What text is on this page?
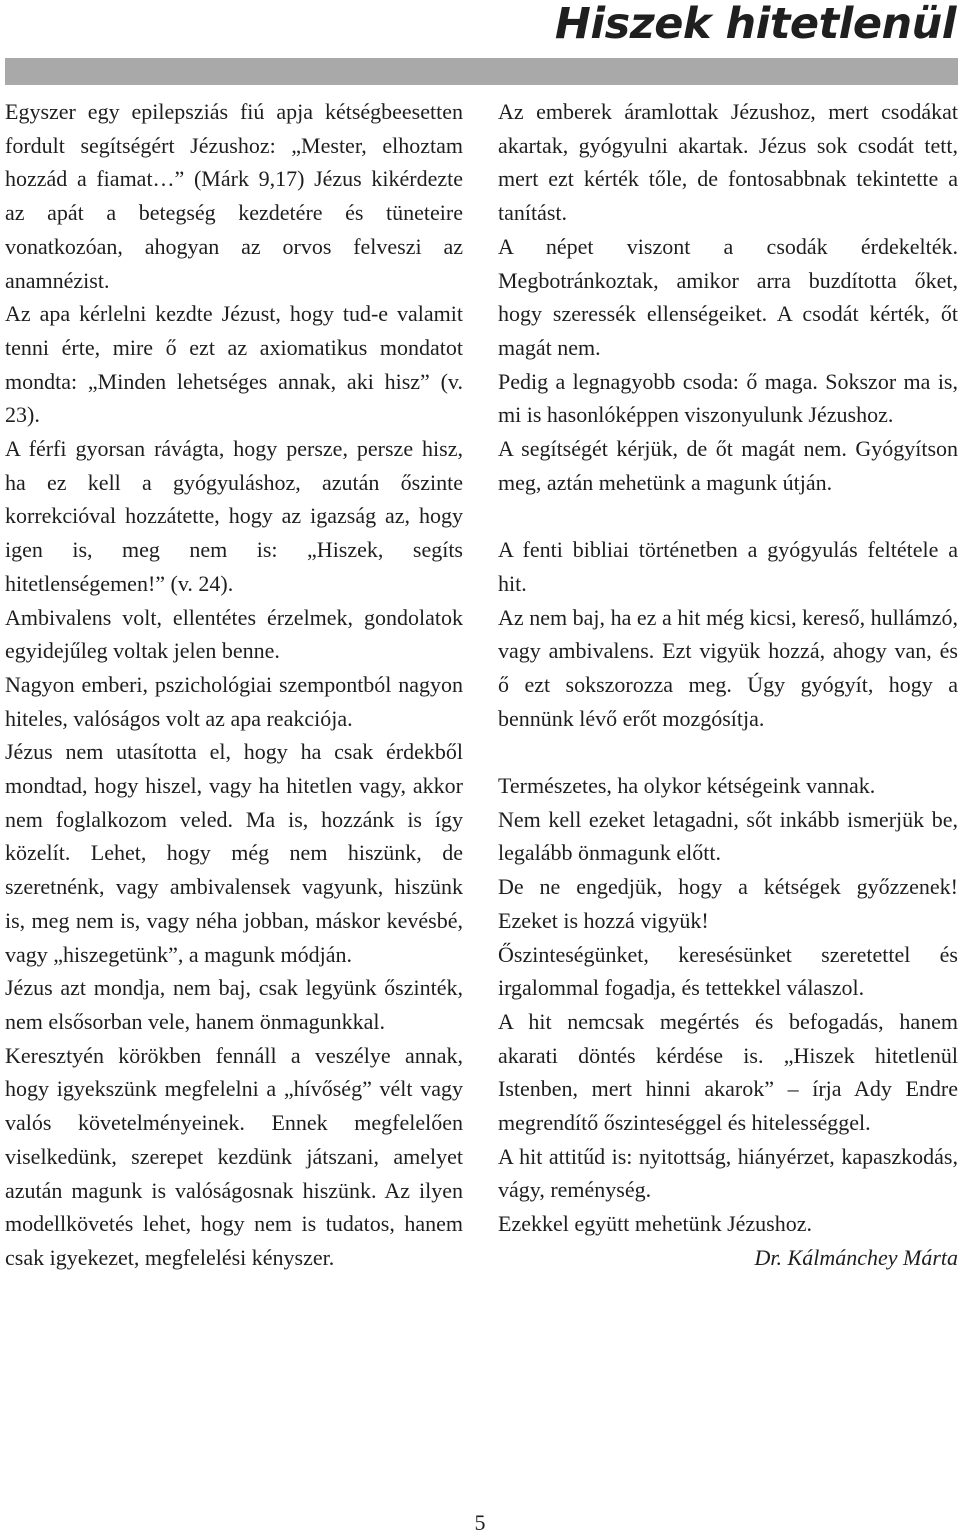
Hiszek hitetlenül

Egyszer egy epilepsziás fiú apja kétségbeesetten fordult segítségért Jézushoz: „Mester, elhoztam hozzád a fiamat…” (Márk 9,17) Jézus kikérdezte az apát a betegség kezdetére és tüneteire vonatkozóan, ahogyan az orvos felveszi az anamnézist.

Az apa kérlelni kezdte Jézust, hogy tud-e valamit tenni érte, mire ő ezt az axiomatikus mondatot mondta: „Minden lehetséges annak, aki hisz” (v. 23).

A férfi gyorsan rávágta, hogy persze, persze hisz, ha ez kell a gyógyuláshoz, azután őszinte korrekcióval hozzátette, hogy az igazság az, hogy igen is, meg nem is: „Hiszek, segíts hitetlenségemen!” (v. 24).

Ambivalens volt, ellentétes érzelmek, gondolatok egyidejűleg voltak jelen benne.

Nagyon emberi, pszichológiai szempontból nagyon hiteles, valóságos volt az apa reakciója.

Jézus nem utasította el, hogy ha csak érdekből mondtad, hogy hiszel, vagy ha hitetlen vagy, akkor nem foglalkozom veled. Ma is, hozzánk is így közelít. Lehet, hogy még nem hiszünk, de szeretnénk, vagy ambivalensek vagyunk, hiszünk is, meg nem is, vagy néha jobban, máskor kevésbé, vagy „hiszegetünk”, a magunk módján.

Jézus azt mondja, nem baj, csak legyünk őszinték, nem elsősorban vele, hanem önmagunkkal.

Keresztyén körökben fennáll a veszélye annak, hogy igyekszünk megfelelni a „hívőség” vélt vagy valós követelményeinek. Ennek megfelelően viselkedünk, szerepet kezdünk játszani, amelyet azután magunk is valóságosnak hiszünk. Az ilyen modellkövetés lehet, hogy nem is tudatos, hanem csak igyekezet, megfelelési kényszer.

Az emberek áramlottak Jézushoz, mert csodákat akartak, gyógyulni akartak. Jézus sok csodát tett, mert ezt kérték tőle, de fontosabbnak tekintette a tanítást.

A népet viszont a csodák érdekelték. Megbotránkoztak, amikor arra buzdította őket, hogy szeressék ellenségeiket. A csodát kérték, őt magát nem.

Pedig a legnagyobb csoda: ő maga. Sokszor ma is, mi is hasonlóképpen viszonyulunk Jézushoz.

A segítségét kérjük, de őt magát nem. Gyógyítson meg, aztán mehetünk a magunk útján.

A fenti bibliai történetben a gyógyulás feltétele a hit.

Az nem baj, ha ez a hit még kicsi, kereső, hullámzó, vagy ambivalens. Ezt vigyük hozzá, ahogy van, és ő ezt sokszorozza meg. Úgy gyógyít, hogy a bennünk lévő erőt mozgósítja.

Természetes, ha olykor kétségeink vannak.

Nem kell ezeket letagadni, sőt inkább ismerjük be, legalább önmagunk előtt.

De ne engedjük, hogy a kétségek győzzenek! Ezeket is hozzá vigyük!

Őszinteségünket, keresésünket szeretettel és irgalommal fogadja, és tettekkel válaszol.

A hit nemcsak megértés és befogadás, hanem akarati döntés kérdése is. „Hiszek hitetlenül Istenben, mert hinni akarok” – írja Ady Endre megrendítő őszinteséggel és hitelességgel.

A hit attitűd is: nyitottság, hiányérzet, kapaszkodás, vágy, reménység.

Ezekkel együtt mehetünk Jézushoz.

Dr. Kálmánchey Márta

5
